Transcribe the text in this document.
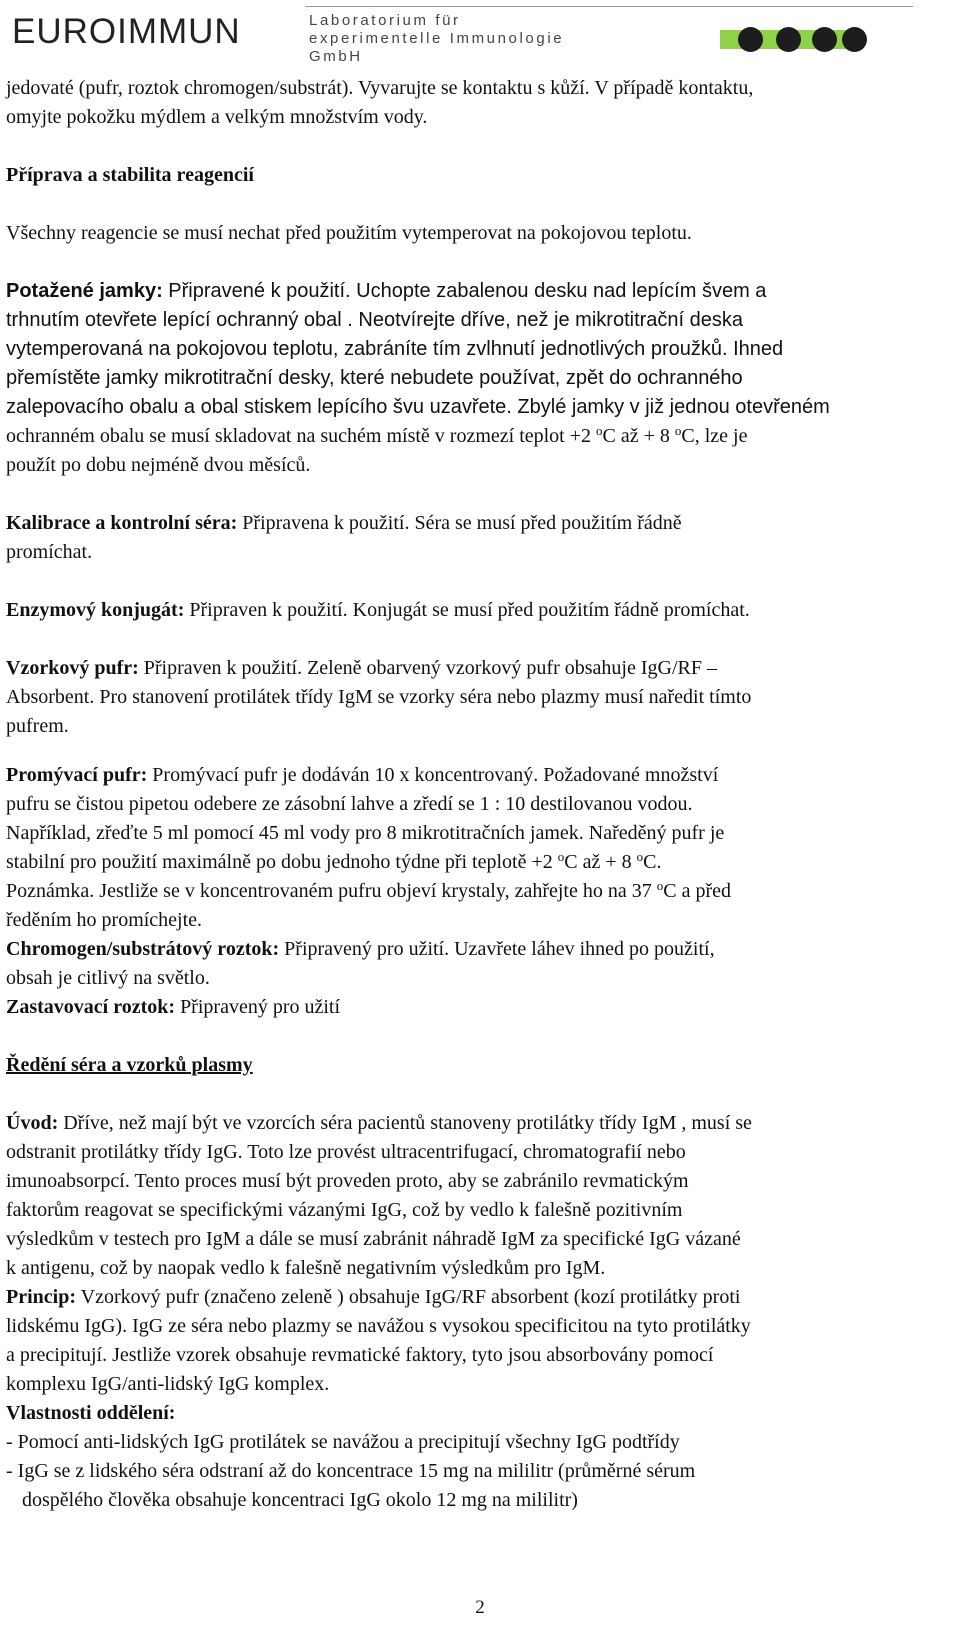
EUROIMMUN	Laboratorium für
experimentelle Immunologie
GmbH

jedovaté (pufr, roztok chromogen/substrát). Vyvarujte se kontaktu s kůží. V případě kontaktu,

omyjte pokožku mýdlem a velkým množstvím vody.

Příprava a stabilita reagencií

Všechny reagencie se musí nechat před použitím vytemperovat na pokojovou teplotu.

Potažené jamky: Připravené k použití. Uchopte zabalenou desku nad lepícím švem a

trhnutím otevřete lepící ochranný obal . Neotvírejte dříve, než je mikrotitrační deska

vytemperovaná na pokojovou teplotu, zabráníte tím zvlhnutí jednotlivých proužků. Ihned

přemístěte jamky mikrotitrační desky, které nebudete používat, zpět do ochranného

zalepovacího obalu a obal stiskem lepícího švu uzavřete. Zbylé jamky v již jednou otevřeném

ochranném obalu se musí skladovat na suchém místě v rozmezí teplot +2 $^o$C až + 8 $^o$C, lze je

použít po dobu nejméně dvou měsíců.

Kalibrace a kontrolní séra: Připravena k použití. Séra se musí před použitím řádně

promíchat.

Enzymový konjugát: Připraven k použití. Konjugát se musí před použitím řádně promíchat.

Vzorkový pufr: Připraven k použití. Zeleně obarvený vzorkový pufr obsahuje IgG/RF –

Absorbent. Pro stanovení protilátek třídy IgM se vzorky séra nebo plazmy musí naředit tímto

pufrem.

Promývací pufr: Promývací pufr je dodáván 10 x koncentrovaný. Požadované množství

pufru se čistou pipetou odebere ze zásobní lahve a zředí se 1 : 10 destilovanou vodou.

Například, zřeďte 5 ml pomocí 45 ml vody pro 8 mikrotitračních jamek. Naředěný pufr je

stabilní pro použití maximálně po dobu jednoho týdne při teplotě +2 $^o$C až + 8 $^o$C.

Poznámka. Jestliže se v koncentrovaném pufru objeví krystaly, zahřejte ho na 37 $^o$C a před

ředěním ho promíchejte.

Chromogen/substrátový roztok: Připravený pro užití. Uzavřete láhev ihned po použití,

obsah je citlivý na světlo.

Zastavovací roztok: Připravený pro užití

Ředění séra a vzorků plasmy

Úvod: Dříve, než mají být ve vzorcích séra pacientů stanoveny protilátky třídy IgM , musí se

odstranit protilátky třídy IgG. Toto lze provést ultracentrifugací, chromatografií nebo

imunoabsorpcí. Tento proces musí být proveden proto, aby se zabránilo revmatickým

faktorům reagovat se specifickými vázanými IgG, což by vedlo k falešně pozitivním

výsledkům v testech pro IgM a dále se musí zabránit náhradě IgM za specifické IgG vázané

k antigenu, což by naopak vedlo k falešně negativním výsledkům pro IgM.

Princip: Vzorkový pufr (značeno zeleně ) obsahuje IgG/RF absorbent (kozí protilátky proti

lidskému IgG). IgG ze séra nebo plazmy se navážou s vysokou specificitou na tyto protilátky

a precipitují. Jestliže vzorek obsahuje revmatické faktory, tyto jsou absorbovány pomocí

komplexu IgG/anti-lidský IgG komplex.

Vlastnosti oddělení:

- Pomocí anti-lidských IgG protilátek se navážou a precipitují všechny IgG podtřídy

- IgG se z lidského séra odstraní až do koncentrace 15 mg na mililitr (průměrné sérum

dospělého člověka obsahuje koncentraci IgG okolo 12 mg na mililitr)

2
